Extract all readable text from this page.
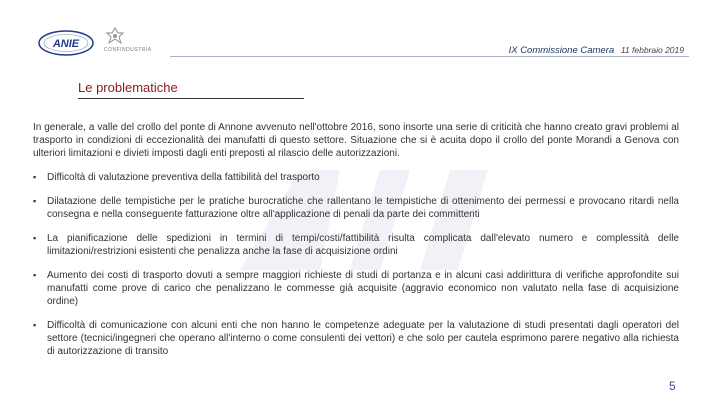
ANIE	CONFINDUSTRIA	IX Commissione Camera 11 febbraio 2019
Le problematiche

In generale, a valle del crollo del ponte di Annone avvenuto nell'ottobre 2016, sono insorte una serie di criticità che hanno creato gravi problemi al trasporto in condizioni di eccezionalità dei manufatti di questo settore. Situazione che si è acuita dopo il crollo del ponte Morandi a Genova con ulteriori limitazioni e divieti imposti dagli enti preposti al rilascio delle autorizzazioni.

▪ Difficoltà di valutazione preventiva della fattibilità del trasporto
▪ Dilatazione delle tempistiche per le pratiche burocratiche che rallentano le tempistiche di ottenimento dei permessi e provocano ritardi nella consegna e nella conseguente fatturazione oltre all'applicazione di penali da parte dei committenti
▪ La pianificazione delle spedizioni in termini di tempi/costi/fattibilità risulta complicata dall'elevato numero e complessità delle limitazioni/restrizioni esistenti che penalizza anche la fase di acquisizione ordini
▪ Aumento dei costi di trasporto dovuti a sempre maggiori richieste di studi di portanza e in alcuni casi addirittura di verifiche approfondite sui manufatti come prove di carico che penalizzano le commesse già acquisite (aggravio economico non valutato nella fase di acquisizione ordine)
▪ Difficoltà di comunicazione con alcuni enti che non hanno le competenze adeguate per la valutazione di studi presentati dagli operatori del settore (tecnici/ingegneri che operano all'interno o come consulenti dei vettori) e che solo per cautela esprimono parere negativo alla richiesta di autorizzazione di transito
5
